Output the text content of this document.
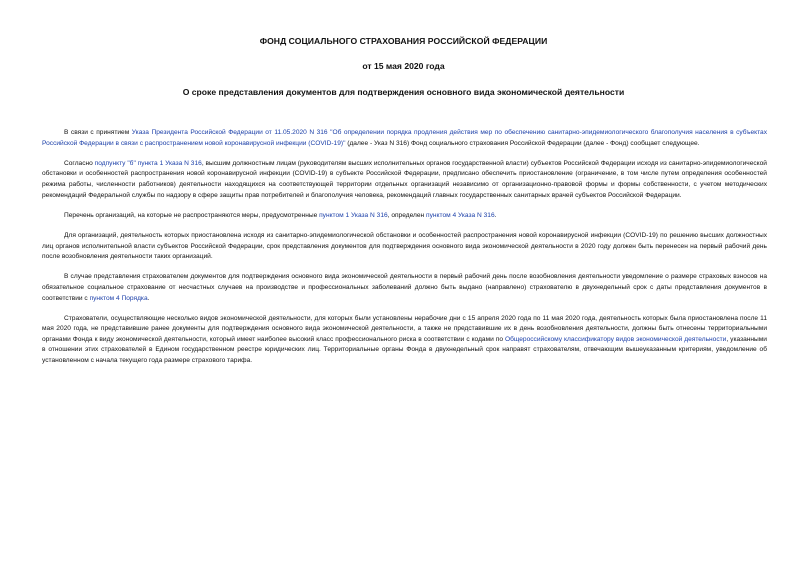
ФОНД СОЦИАЛЬНОГО СТРАХОВАНИЯ РОССИЙСКОЙ ФЕДЕРАЦИИ
от 15 мая 2020 года
О сроке представления документов для подтверждения основного вида экономической деятельности

В связи с принятием Указа Президента Российской Федерации от 11.05.2020 N 316 "Об определении порядка продления действия мер по обеспечению санитарно-эпидемиологического благополучия населения в субъектах Российской Федерации в связи с распространением новой коронавирусной инфекции (COVID-19)" (далее - Указ N 316) Фонд социального страхования Российской Федерации (далее - Фонд) сообщает следующее.

Согласно подпункту "б" пункта 1 Указа N 316, высшим должностным лицам (руководителям высших исполнительных органов государственной власти) субъектов Российской Федерации исходя из санитарно-эпидемиологической обстановки и особенностей распространения новой коронавирусной инфекции (COVID-19) в субъекте Российской Федерации, предписано обеспечить приостановление (ограничение, в том числе путем определения особенностей режима работы, численности работников) деятельности находящихся на соответствующей территории отдельных организаций независимо от организационно-правовой формы и формы собственности, с учетом методических рекомендаций Федеральной службы по надзору в сфере защиты прав потребителей и благополучия человека, рекомендаций главных государственных санитарных врачей субъектов Российской Федерации.

Перечень организаций, на которые не распространяются меры, предусмотренные пунктом 1 Указа N 316, определен пунктом 4 Указа N 316.

Для организаций, деятельность которых приостановлена исходя из санитарно-эпидемиологической обстановки и особенностей распространения новой коронавирусной инфекции (COVID-19) по решению высших должностных лиц органов исполнительной власти субъектов Российской Федерации, срок представления документов для подтверждения основного вида экономической деятельности в 2020 году должен быть перенесен на первый рабочий день после возобновления деятельности таких организаций.

В случае представления страхователем документов для подтверждения основного вида экономической деятельности в первый рабочий день после возобновления деятельности уведомление о размере страховых взносов на обязательное социальное страхование от несчастных случаев на производстве и профессиональных заболеваний должно быть выдано (направлено) страхователю в двухнедельный срок с даты представления документов в соответствии с пунктом 4 Порядка.

Страхователи, осуществляющие несколько видов экономической деятельности, для которых были установлены нерабочие дни с 15 апреля 2020 года по 11 мая 2020 года, деятельность которых была приостановлена после 11 мая 2020 года, не представившие ранее документы для подтверждения основного вида экономической деятельности, а также не представившие их в день возобновления деятельности, должны быть отнесены территориальными органами Фонда к виду экономической деятельности, который имеет наиболее высокий класс профессионального риска в соответствии с кодами по Общероссийскому классификатору видов экономической деятельности, указанными в отношении этих страхователей в Едином государственном реестре юридических лиц. Территориальные органы Фонда в двухнедельный срок направят страхователям, отвечающим вышеуказанным критериям, уведомление об установленном с начала текущего года размере страхового тарифа.
